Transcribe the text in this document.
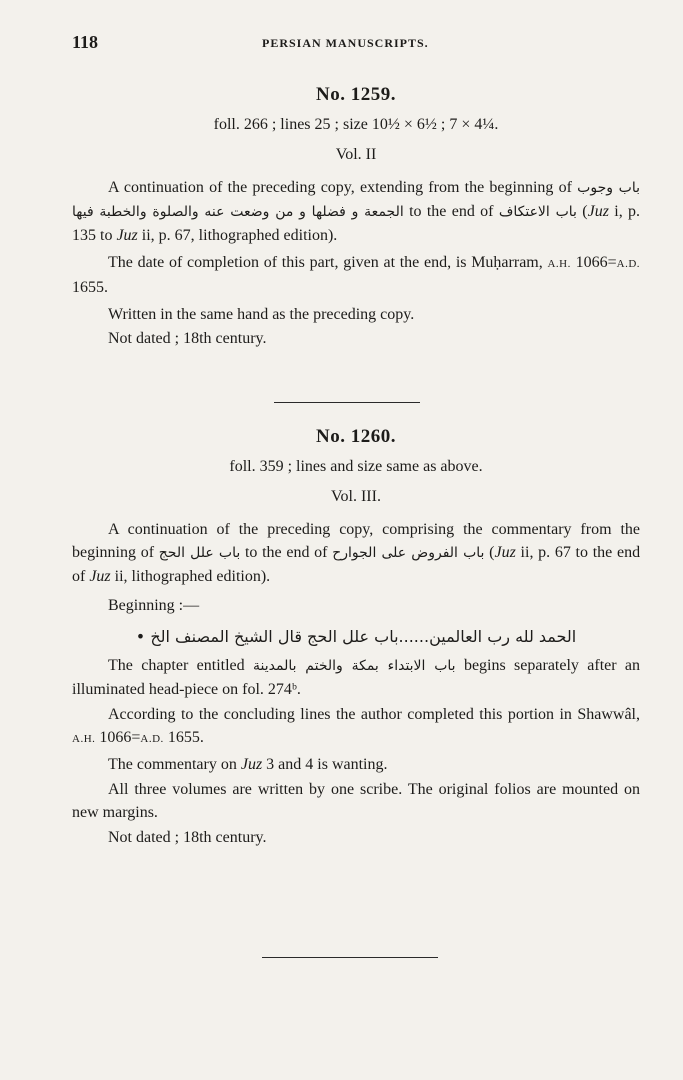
118	PERSIAN MANUSCRIPTS.
No. 1259.
foll. 266 ; lines 25 ; size 10½ × 6½ ; 7 × 4¼.
Vol. II

A continuation of the preceding copy, extending from the beginning of باب وجوب الجمعة و فضلها و من وضعت عنه والصلوة والخطبة فيها to the end of باب الاعتكاف (Juz i, p. 135 to Juz ii, p. 67, lithographed edition).

The date of completion of this part, given at the end, is Muḥarram, A.H. 1066=A.D. 1655.

Written in the same hand as the preceding copy.

Not dated ; 18th century.

No. 1260.
foll. 359 ; lines and size same as above.
Vol. III.

A continuation of the preceding copy, comprising the commentary from the beginning of باب علل الحج to the end of باب الفروض على الجوارح (Juz ii, p. 67 to the end of Juz ii, lithographed edition).

Beginning :—

الحمد لله رب العالمين......باب علل الحج قال الشيخ المصنف الخ •

The chapter entitled باب الابتداء بمكة والختم بالمدينة begins separately after an illuminated head-piece on fol. 274ᵇ.

According to the concluding lines the author completed this portion in Shawwâl, A.H. 1066=A.D. 1655.

The commentary on Juz 3 and 4 is wanting.

All three volumes are written by one scribe. The original folios are mounted on new margins.

Not dated ; 18th century.
